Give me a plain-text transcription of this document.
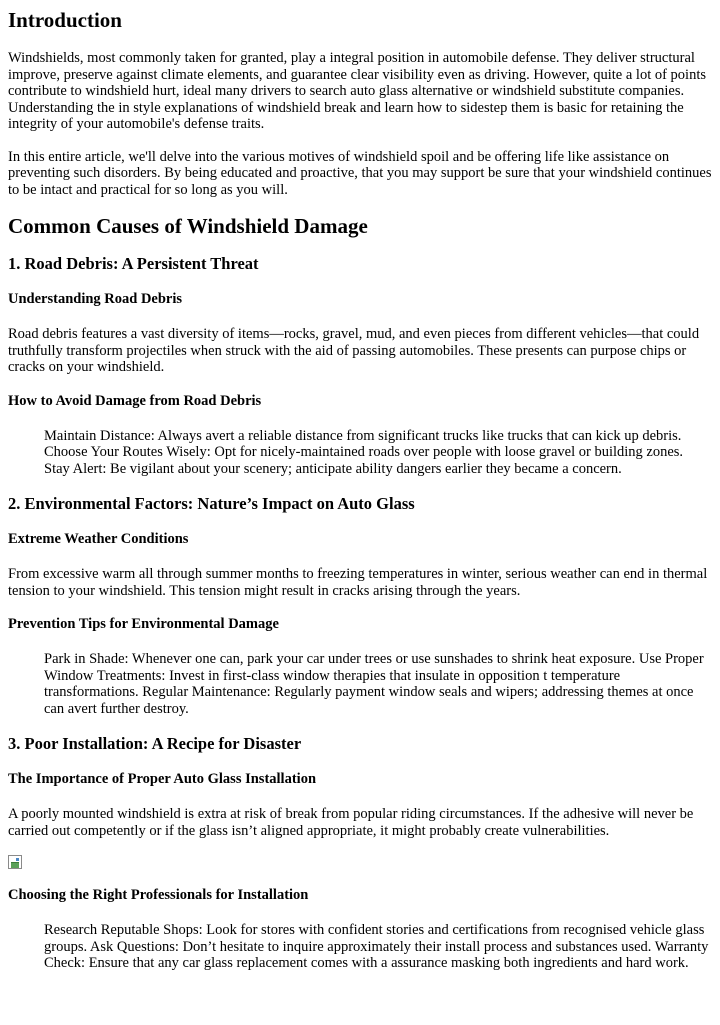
Introduction

Windshields, most commonly taken for granted, play a integral position in automobile defense. They deliver structural improve, preserve against climate elements, and guarantee clear visibility even as driving. However, quite a lot of points contribute to windshield hurt, ideal many drivers to search auto glass alternative or windshield substitute companies. Understanding the in style explanations of windshield break and learn how to sidestep them is basic for retaining the integrity of your automobile's defense traits.

In this entire article, we'll delve into the various motives of windshield spoil and be offering life like assistance on preventing such disorders. By being educated and proactive, that you may support be sure that your windshield continues to be intact and practical for so long as you will.

Common Causes of Windshield Damage
1. Road Debris: A Persistent Threat
Understanding Road Debris

Road debris features a vast diversity of items—rocks, gravel, mud, and even pieces from different vehicles—that could truthfully transform projectiles when struck with the aid of passing automobiles. These presents can purpose chips or cracks on your windshield.

How to Avoid Damage from Road Debris
Maintain Distance: Always avert a reliable distance from significant trucks like trucks that can kick up debris. Choose Your Routes Wisely: Opt for nicely-maintained roads over people with loose gravel or building zones. Stay Alert: Be vigilant about your scenery; anticipate ability dangers earlier they became a concern.
2. Environmental Factors: Nature’s Impact on Auto Glass
Extreme Weather Conditions

From excessive warm all through summer months to freezing temperatures in winter, serious weather can end in thermal tension to your windshield. This tension might result in cracks arising through the years.

Prevention Tips for Environmental Damage
Park in Shade: Whenever one can, park your car under trees or use sunshades to shrink heat exposure. Use Proper Window Treatments: Invest in first-class window therapies that insulate in opposition t temperature transformations. Regular Maintenance: Regularly payment window seals and wipers; addressing themes at once can avert further destroy.
3. Poor Installation: A Recipe for Disaster
The Importance of Proper Auto Glass Installation

A poorly mounted windshield is extra at risk of break from popular riding circumstances. If the adhesive will never be carried out competently or if the glass isn’t aligned appropriate, it might probably create vulnerabilities.

Choosing the Right Professionals for Installation
Research Reputable Shops: Look for stores with confident stories and certifications from recognised vehicle glass groups. Ask Questions: Don’t hesitate to inquire approximately their install process and substances used. Warranty Check: Ensure that any car glass replacement comes with a assurance masking both ingredients and hard work.
